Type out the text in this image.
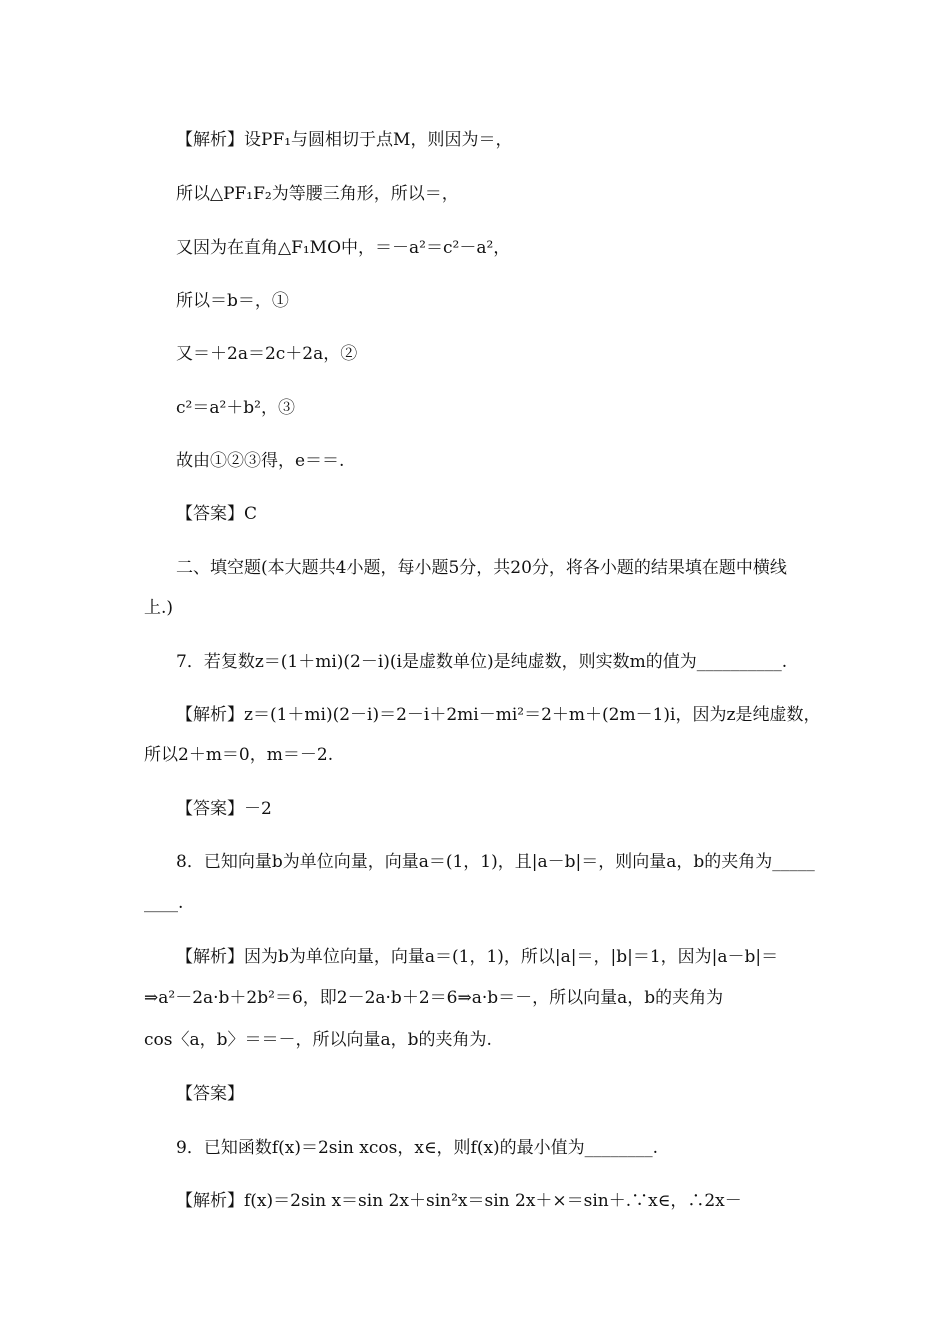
【解析】设PF₁与圆相切于点M，则因为＝，
所以△PF₁F₂为等腰三角形，所以＝，
又因为在直角△F₁MO中，＝－a²＝c²－a²，
所以＝b＝，①
又＝＋2a＝2c＋2a，②
c²＝a²＋b²，③
故由①②③得，e＝＝.
【答案】C
二、填空题(本大题共4小题，每小题5分，共20分，将各小题的结果填在题中横线
上.)
7．若复数z＝(1＋mi)(2－i)(i是虚数单位)是纯虚数，则实数m的值为__________.
【解析】z＝(1＋mi)(2－i)＝2－i＋2mi－mi²＝2＋m＋(2m－1)i，因为z是纯虚数，
所以2＋m＝0，m＝－2.
【答案】－2
8．已知向量b为单位向量，向量a＝(1，1)，且|a－b|＝，则向量a，b的夹角为_____
____.
【解析】因为b为单位向量，向量a＝(1，1)，所以|a|＝，|b|＝1，因为|a－b|＝
⇒a²－2a·b＋2b²＝6，即2－2a·b＋2＝6⇒a·b＝－，所以向量a，b的夹角为
cos〈a，b〉＝＝－，所以向量a，b的夹角为.
【答案】
9．已知函数f(x)＝2sin xcos，x∈，则f(x)的最小值为________.
【解析】f(x)＝2sin x＝sin 2x＋sin²x＝sin 2x＋×＝sin＋.∵x∈，∴2x－
